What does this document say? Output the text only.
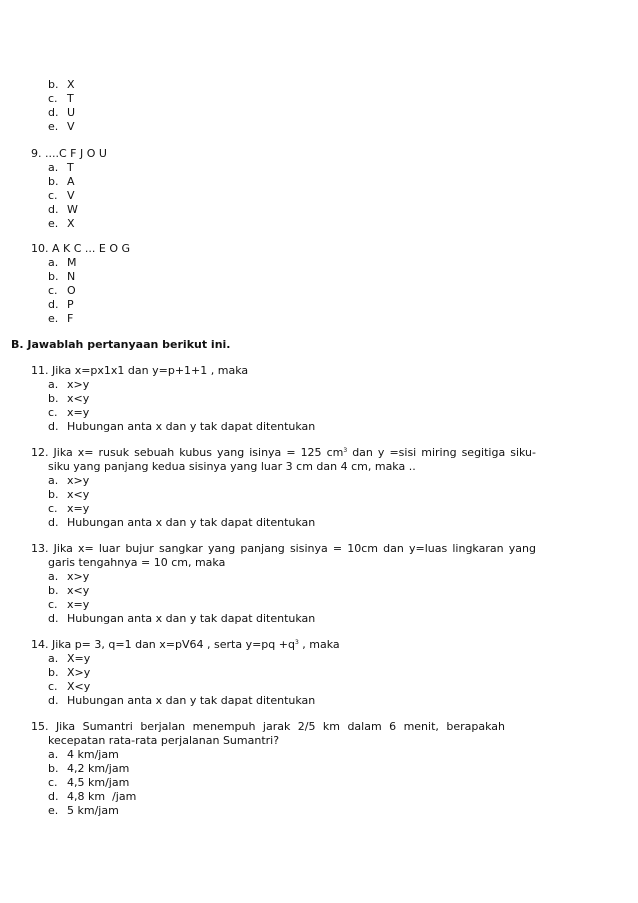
b. X
c. T
d. U
e. V
9. ....C F J O U
a. T
b. A
c. V
d. W
e. X
10. A K C ... E O G
a. M
b. N
c. O
d. P
e. F
B. Jawablah pertanyaan berikut ini.
11. Jika x=px1x1 dan y=p+1+1 , maka
a. x>y
b. x<y
c. x=y
d. Hubungan anta x dan y tak dapat ditentukan
12. Jika x= rusuk sebuah kubus yang isinya = 125 $cm^3$ dan y =sisi miring segitiga siku-
siku yang panjang kedua sisinya yang luar 3 cm dan 4 cm, maka ..
a. x>y
b. x<y
c. x=y
d. Hubungan anta x dan y tak dapat ditentukan
13. Jika x= luar bujur sangkar yang panjang sisinya = 10cm dan y=luas lingkaran yang
garis tengahnya = 10 cm, maka
a. x>y
b. x<y
c. x=y
d. Hubungan anta x dan y tak dapat ditentukan
14. Jika p= 3, q=1 dan x=pV64 , serta $y=pq +q^3$ , maka
a. X=y
b. X>y
c. X<y
d. Hubungan anta x dan y tak dapat ditentukan
15. Jika Sumantri berjalan menempuh jarak 2/5 km dalam 6 menit, berapakah
kecepatan rata-rata perjalanan Sumantri?
a. 4 km/jam
b. 4,2 km/jam
c. 4,5 km/jam
d. 4,8 km  /jam
e. 5 km/jam
